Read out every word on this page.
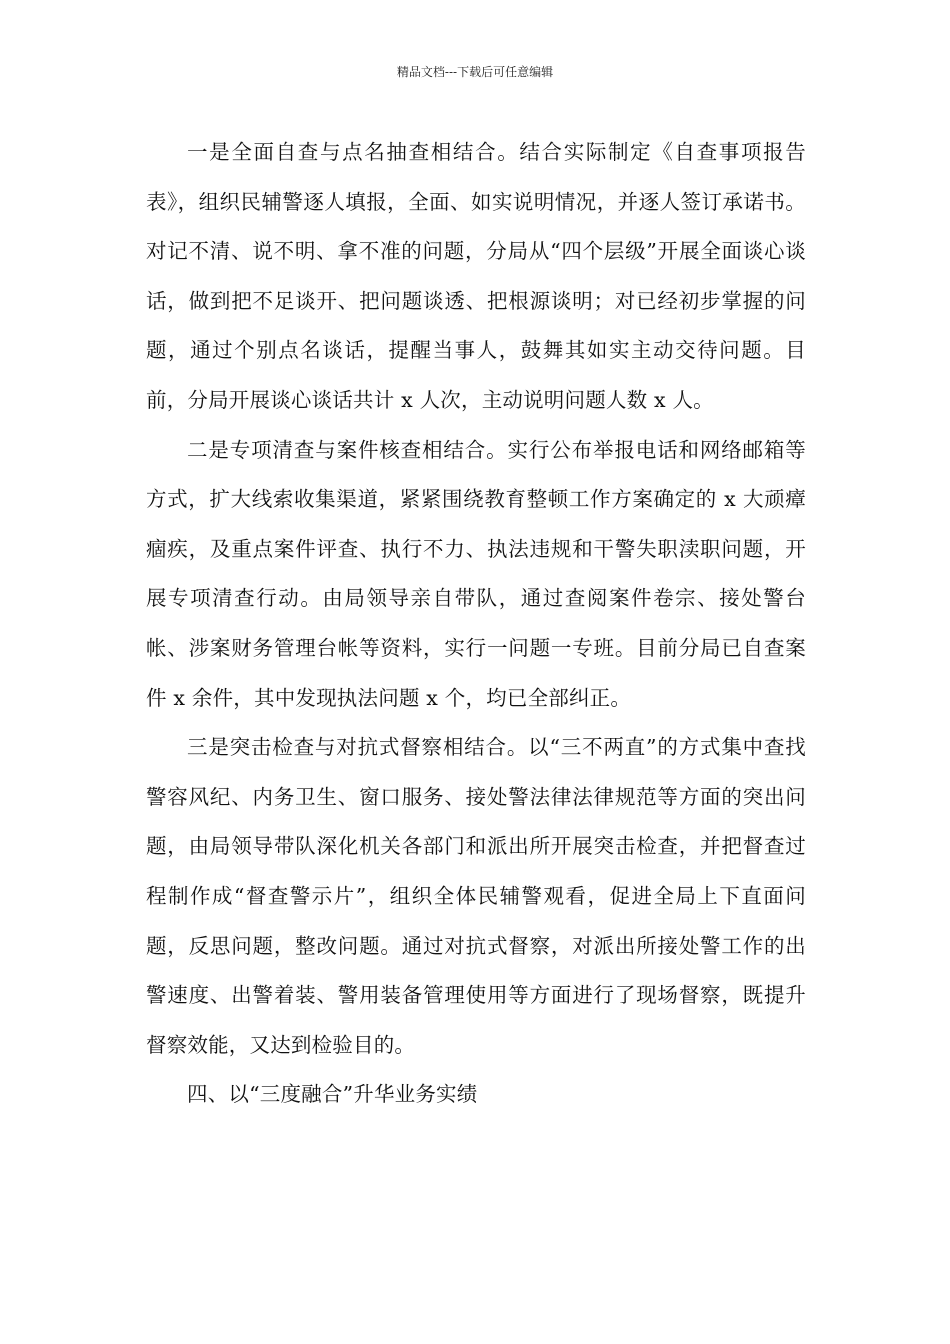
精品文档---下载后可任意编辑

一是全面自查与点名抽查相结合。结合实际制定《自查事项报告表》，组织民辅警逐人填报，全面、如实说明情况，并逐人签订承诺书。对记不清、说不明、拿不准的问题，分局从“四个层级”开展全面谈心谈话，做到把不足谈开、把问题谈透、把根源谈明；对已经初步掌握的问题，通过个别点名谈话，提醒当事人，鼓舞其如实主动交待问题。目前，分局开展谈心谈话共计 x 人次，主动说明问题人数 x 人。

二是专项清查与案件核查相结合。实行公布举报电话和网络邮箱等方式，扩大线索收集渠道，紧紧围绕教育整顿工作方案确定的 x 大顽瘴痼疾，及重点案件评查、执行不力、执法违规和干警失职渎职问题，开展专项清查行动。由局领导亲自带队，通过查阅案件卷宗、接处警台帐、涉案财务管理台帐等资料，实行一问题一专班。目前分局已自查案件 x 余件，其中发现执法问题 x 个，均已全部纠正。

三是突击检查与对抗式督察相结合。以“三不两直”的方式集中查找警容风纪、内务卫生、窗口服务、接处警法律法律规范等方面的突出问题，由局领导带队深化机关各部门和派出所开展突击检查，并把督查过程制作成“督查警示片”，组织全体民辅警观看，促进全局上下直面问题，反思问题，整改问题。通过对抗式督察，对派出所接处警工作的出警速度、出警着装、警用装备管理使用等方面进行了现场督察，既提升督察效能，又达到检验目的。

四、以“三度融合”升华业务实绩
